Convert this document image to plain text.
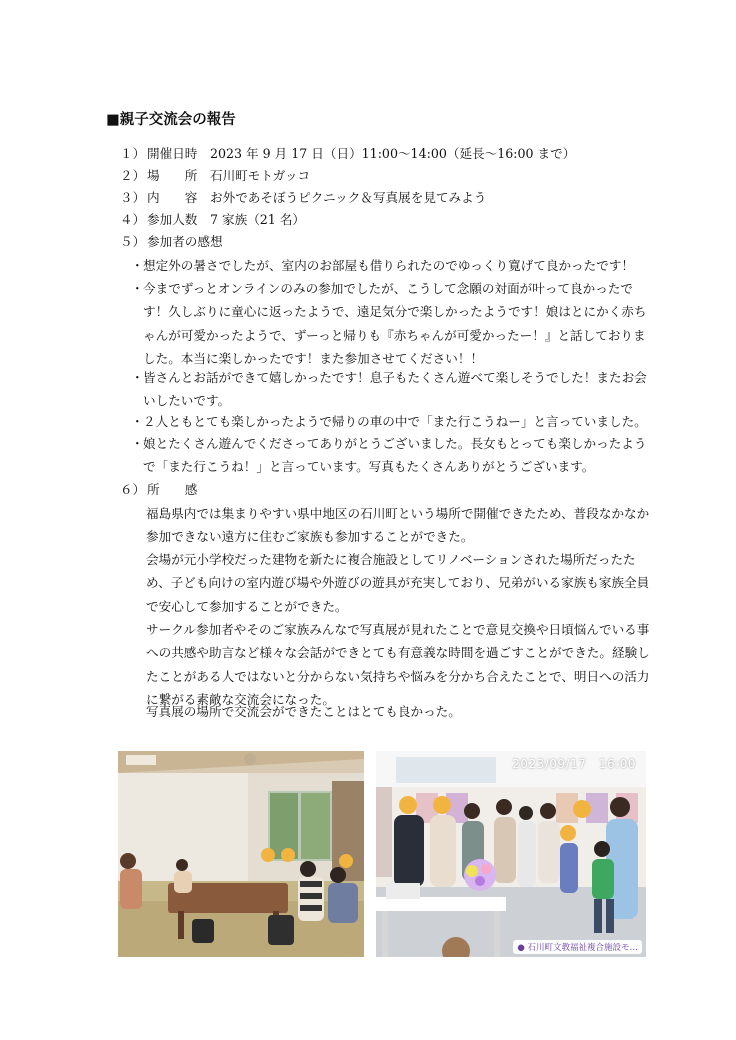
■親子交流会の報告
１） 開催日時 2023 年 9 月 17 日（日）11:00～14:00（延長～16:00 まで）
２） 場　　所 石川町モトガッコ
３） 内　　容 お外であそぼうピクニック＆写真展を見てみよう
４） 参加人数 7 家族（21 名）
５） 参加者の感想
・ 想定外の暑さでしたが、室内のお部屋も借りられたのでゆっくり寛げて良かったです！
・ 今までずっとオンラインのみの参加でしたが、こうして念願の対面が叶って良かったです！久しぶりに童心に返ったようで、遠足気分で楽しかったようです！娘はとにかく赤ちゃんが可愛かったようで、ずーっと帰りも『赤ちゃんが可愛かったー！』と話しておりました。本当に楽しかったです！また参加させてください！！
・ 皆さんとお話ができて嬉しかったです！息子もたくさん遊べて楽しそうでした！またお会いしたいです。
・ ２人ともとても楽しかったようで帰りの車の中で「また行こうねー」と言っていました。
・ 娘とたくさん遊んでくださってありがとうございました。長女もとっても楽しかったようで「また行こうね！」と言っています。写真もたくさんありがとうございます。
６） 所　　感
福島県内では集まりやすい県中地区の石川町という場所で開催できたため、普段なかなか参加できない遠方に住むご家族も参加することができた。
会場が元小学校だった建物を新たに複合施設としてリノベーションされた場所だったため、子ども向けの室内遊び場や外遊びの遊具が充実しており、兄弟がいる家族も家族全員で安心して参加することができた。
サークル参加者やそのご家族みんなで写真展が見れたことで意見交換や日頃悩んでいる事への共感や助言など様々な会話ができとても有意義な時間を過ごすことができた。経験したことがある人ではないと分からない気持ちや悩みを分かち合えたことで、明日への活力に繋がる素敵な交流会になった。
写真展の場所で交流会ができたことはとても良かった。
2023/09/17　16:00
● 石川町文教福祉複合施設モ…
